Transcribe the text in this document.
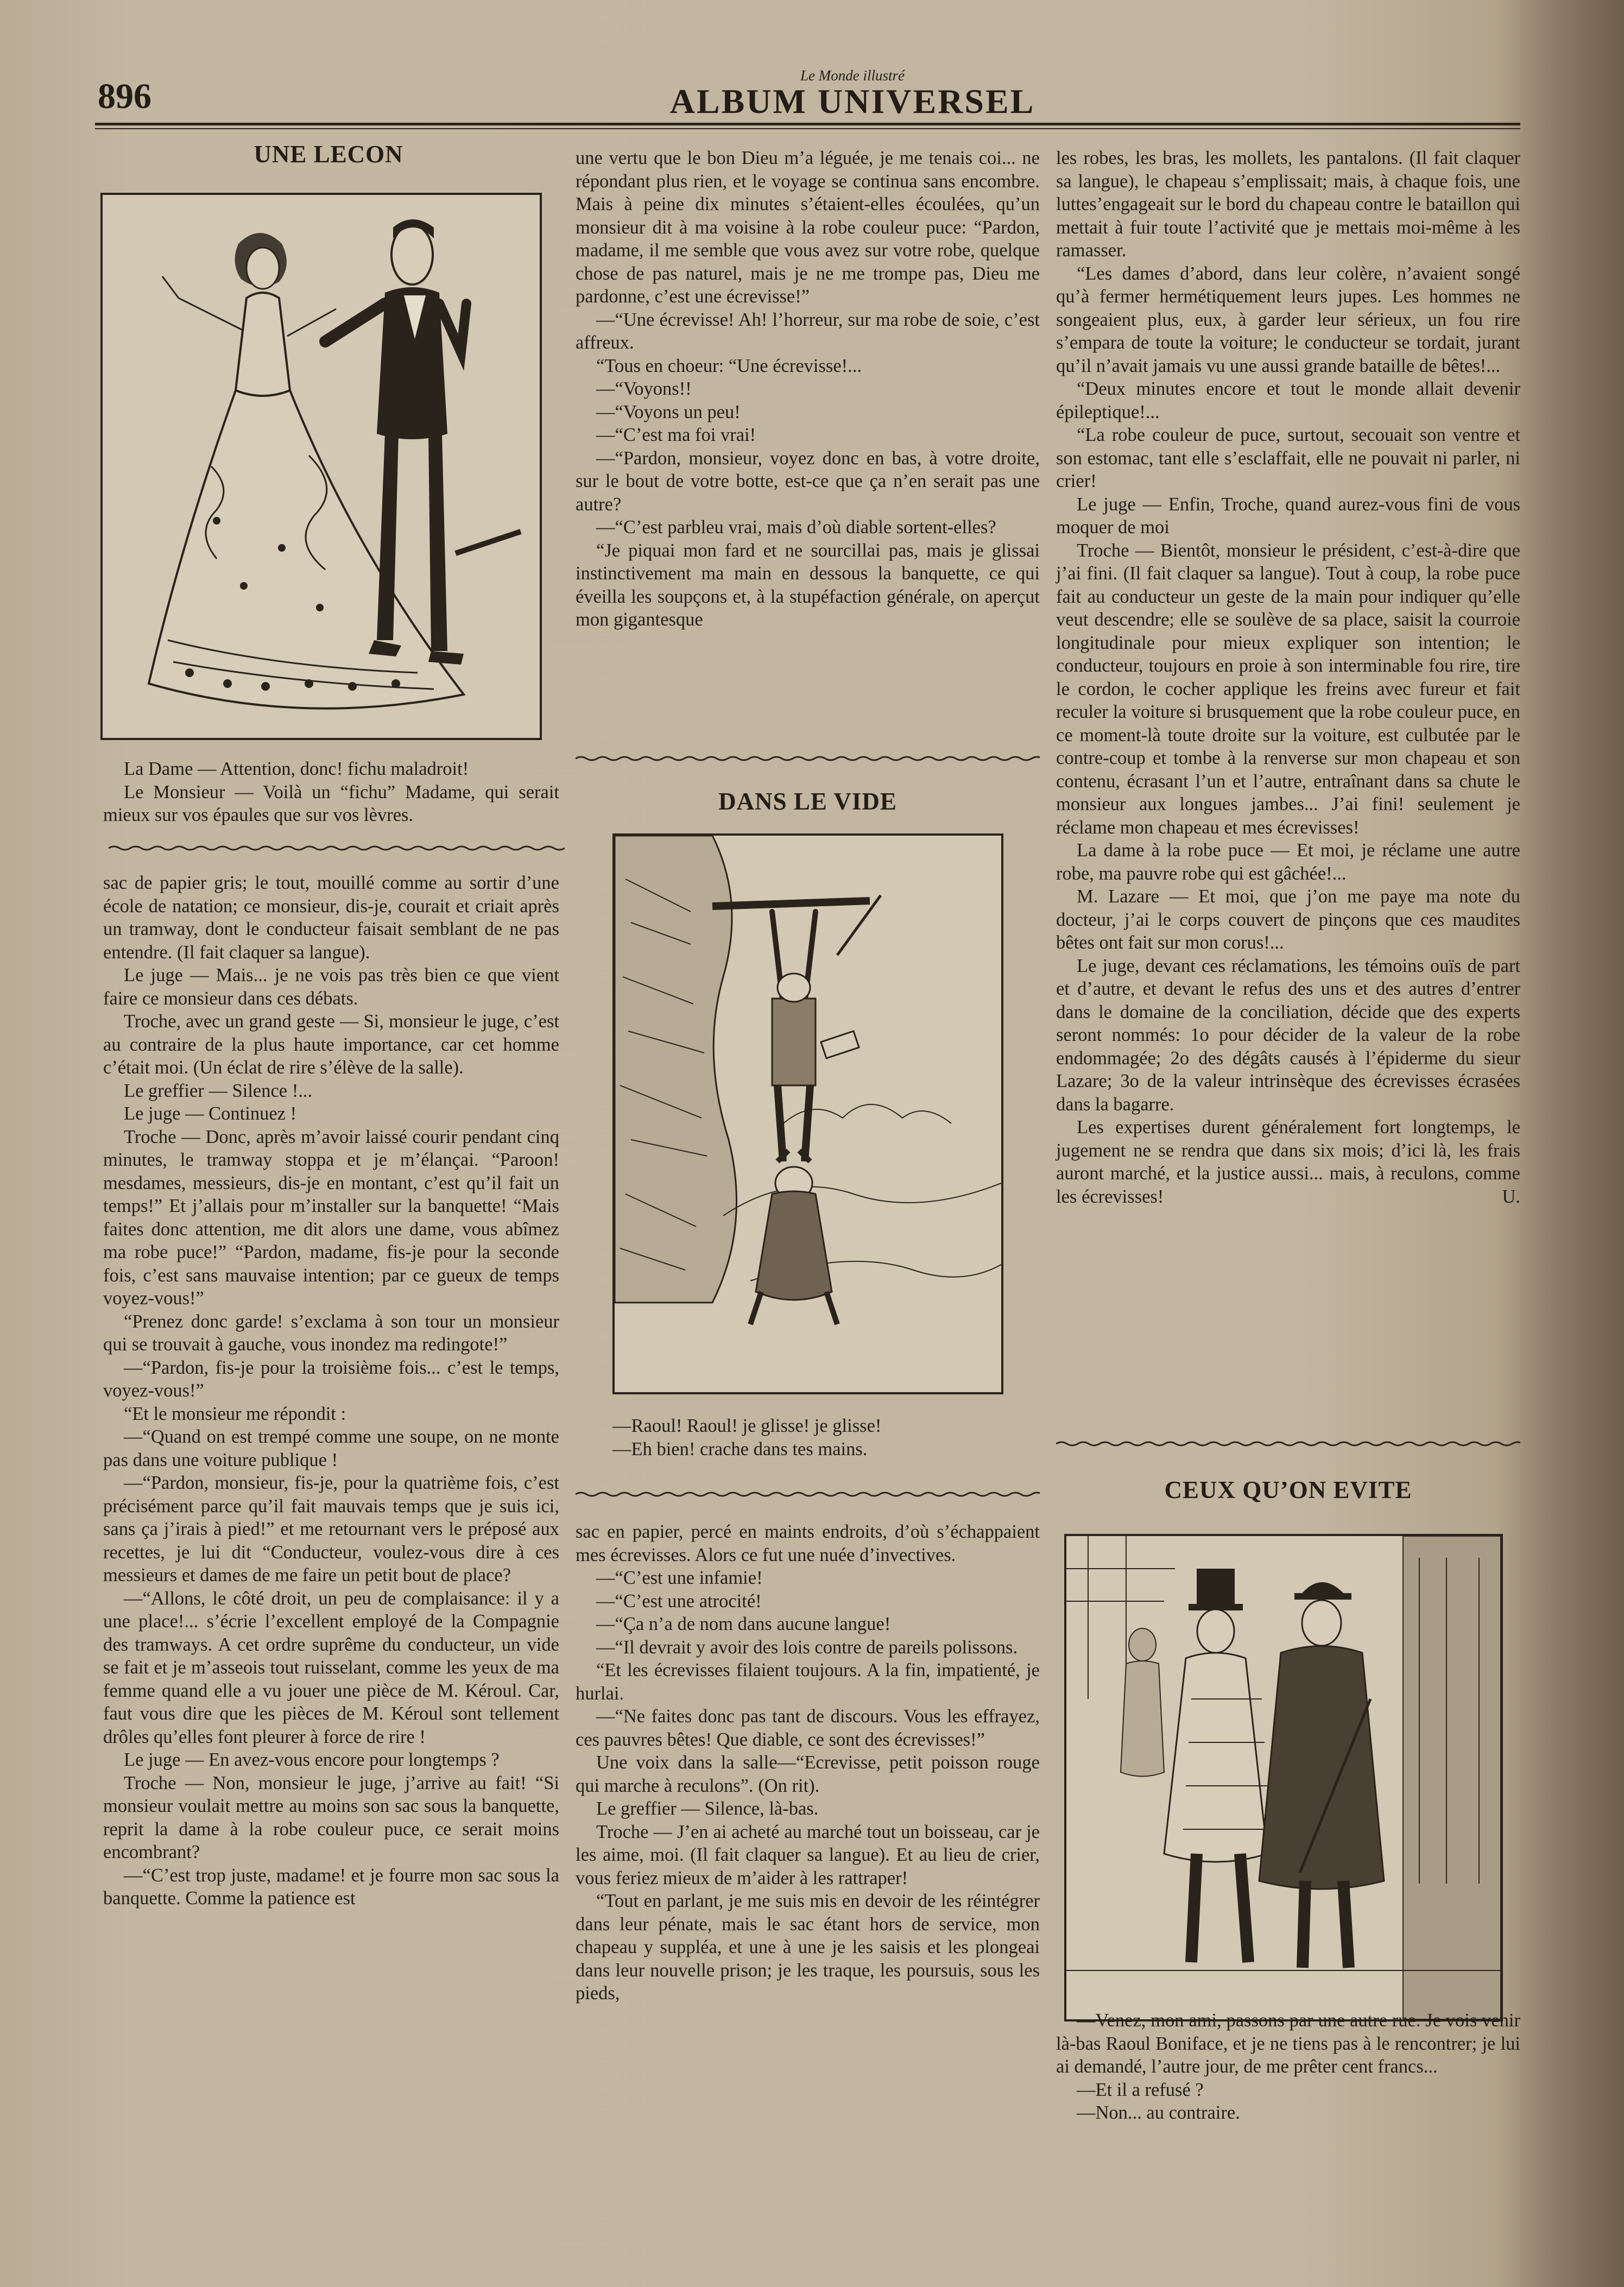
896
Le Monde illustré
ALBUM UNIVERSEL
UNE LECON

La Dame — Attention, donc! fichu maladroit!

Le Monsieur — Voilà un “fichu” Madame, qui serait mieux sur vos épaules que sur vos lèvres.

sac de papier gris; le tout, mouillé comme au sortir d’une école de natation; ce monsieur, dis-je, courait et criait après un tramway, dont le conducteur faisait semblant de ne pas entendre. (Il fait claquer sa langue).

Le juge — Mais... je ne vois pas très bien ce que vient faire ce monsieur dans ces débats.

Troche, avec un grand geste — Si, monsieur le juge, c’est au contraire de la plus haute importance, car cet homme c’était moi. (Un éclat de rire s’élève de la salle).

Le greffier — Silence !...

Le juge — Continuez !

Troche — Donc, après m’avoir laissé courir pendant cinq minutes, le tramway stoppa et je m’élançai. “Paroon! mesdames, messieurs, dis-je en montant, c’est qu’il fait un temps!” Et j’allais pour m’installer sur la banquette! “Mais faites donc attention, me dit alors une dame, vous abîmez ma robe puce!” “Pardon, madame, fis-je pour la seconde fois, c’est sans mauvaise intention; par ce gueux de temps voyez-vous!”

“Prenez donc garde! s’exclama à son tour un monsieur qui se trouvait à gauche, vous inondez ma redingote!”

—“Pardon, fis-je pour la troisième fois... c’est le temps, voyez-vous!”

“Et le monsieur me répondit :

—“Quand on est trempé comme une soupe, on ne monte pas dans une voiture publique !

—“Pardon, monsieur, fis-je, pour la quatrième fois, c’est précisément parce qu’il fait mauvais temps que je suis ici, sans ça j’irais à pied!” et me retournant vers le préposé aux recettes, je lui dit “Conducteur, voulez-vous dire à ces messieurs et dames de me faire un petit bout de place?

—“Allons, le côté droit, un peu de complaisance: il y a une place!... s’écrie l’excellent employé de la Compagnie des tramways. A cet ordre suprême du conducteur, un vide se fait et je m’asseois tout ruisselant, comme les yeux de ma femme quand elle a vu jouer une pièce de M. Kéroul. Car, faut vous dire que les pièces de M. Kéroul sont tellement drôles qu’elles font pleurer à force de rire !

Le juge — En avez-vous encore pour longtemps ?

Troche — Non, monsieur le juge, j’arrive au fait! “Si monsieur voulait mettre au moins son sac sous la banquette, reprit la dame à la robe couleur puce, ce serait moins encombrant?

—“C’est trop juste, madame! et je fourre mon sac sous la banquette. Comme la patience est

une vertu que le bon Dieu m’a léguée, je me tenais coi... ne répondant plus rien, et le voyage se continua sans encombre. Mais à peine dix minutes s’étaient-elles écoulées, qu’un monsieur dit à ma voisine à la robe couleur puce: “Pardon, madame, il me semble que vous avez sur votre robe, quelque chose de pas naturel, mais je ne me trompe pas, Dieu me pardonne, c’est une écrevisse!”

—“Une écrevisse! Ah! l’horreur, sur ma robe de soie, c’est affreux.

“Tous en choeur: “Une écrevisse!...

—“Voyons!!

—“Voyons un peu!

—“C’est ma foi vrai!

—“Pardon, monsieur, voyez donc en bas, à votre droite, sur le bout de votre botte, est-ce que ça n’en serait pas une autre?

—“C’est parbleu vrai, mais d’où diable sortent-elles?

“Je piquai mon fard et ne sourcillai pas, mais je glissai instinctivement ma main en dessous la banquette, ce qui éveilla les soupçons et, à la stupéfaction générale, on aperçut mon gigantesque

DANS LE VIDE

—Raoul! Raoul! je glisse! je glisse!

—Eh bien! crache dans tes mains.

sac en papier, percé en maints endroits, d’où s’échappaient mes écrevisses. Alors ce fut une nuée d’invectives.

—“C’est une infamie!

—“C’est une atrocité!

—“Ça n’a de nom dans aucune langue!

—“Il devrait y avoir des lois contre de pareils polissons.

“Et les écrevisses filaient toujours. A la fin, impatienté, je hurlai.

—“Ne faites donc pas tant de discours. Vous les effrayez, ces pauvres bêtes! Que diable, ce sont des écrevisses!”

Une voix dans la salle—“Ecrevisse, petit poisson rouge qui marche à reculons”. (On rit).

Le greffier — Silence, là-bas.

Troche — J’en ai acheté au marché tout un boisseau, car je les aime, moi. (Il fait claquer sa langue). Et au lieu de crier, vous feriez mieux de m’aider à les rattraper!

“Tout en parlant, je me suis mis en devoir de les réintégrer dans leur pénate, mais le sac étant hors de service, mon chapeau y suppléa, et une à une je les saisis et les plongeai dans leur nouvelle prison; je les traque, les poursuis, sous les pieds,

les robes, les bras, les mollets, les pantalons. (Il fait claquer sa langue), le chapeau s’emplissait; mais, à chaque fois, une luttes’engageait sur le bord du chapeau contre le bataillon qui mettait à fuir toute l’activité que je mettais moi-même à les ramasser.

“Les dames d’abord, dans leur colère, n’avaient songé qu’à fermer hermétiquement leurs jupes. Les hommes ne songeaient plus, eux, à garder leur sérieux, un fou rire s’empara de toute la voiture; le conducteur se tordait, jurant qu’il n’avait jamais vu une aussi grande bataille de bêtes!...

“Deux minutes encore et tout le monde allait devenir épileptique!...

“La robe couleur de puce, surtout, secouait son ventre et son estomac, tant elle s’esclaffait, elle ne pouvait ni parler, ni crier!

Le juge — Enfin, Troche, quand aurez-vous fini de vous moquer de moi

Troche — Bientôt, monsieur le président, c’est-à-dire que j’ai fini. (Il fait claquer sa langue). Tout à coup, la robe puce fait au conducteur un geste de la main pour indiquer qu’elle veut descendre; elle se soulève de sa place, saisit la courroie longitudinale pour mieux expliquer son intention; le conducteur, toujours en proie à son interminable fou rire, tire le cordon, le cocher applique les freins avec fureur et fait reculer la voiture si brusquement que la robe couleur puce, en ce moment-là toute droite sur la voiture, est culbutée par le contre-coup et tombe à la renverse sur mon chapeau et son contenu, écrasant l’un et l’autre, entraînant dans sa chute le monsieur aux longues jambes... J’ai fini! seulement je réclame mon chapeau et mes écrevisses!

La dame à la robe puce — Et moi, je réclame une autre robe, ma pauvre robe qui est gâchée!...

M. Lazare — Et moi, que j’on me paye ma note du docteur, j’ai le corps couvert de pinçons que ces maudites bêtes ont fait sur mon corus!...

Le juge, devant ces réclamations, les témoins ouïs de part et d’autre, et devant le refus des uns et des autres d’entrer dans le domaine de la conciliation, décide que des experts seront nommés: 1o pour décider de la valeur de la robe endommagée; 2o des dégâts causés à l’épiderme du sieur Lazare; 3o de la valeur intrinsèque des écrevisses écrasées dans la bagarre.

Les expertises durent généralement fort longtemps, le jugement ne se rendra que dans six mois; d’ici là, les frais auront marché, et la justice aussi... mais, à reculons, comme les écrevisses!	U.

CEUX QU’ON EVITE

—Venez, mon ami, passons par une autre rue. Je vois venir là-bas Raoul Boniface, et je ne tiens pas à le rencontrer; je lui ai demandé, l’autre jour, de me prêter cent francs...

—Et il a refusé ?

—Non... au contraire.
